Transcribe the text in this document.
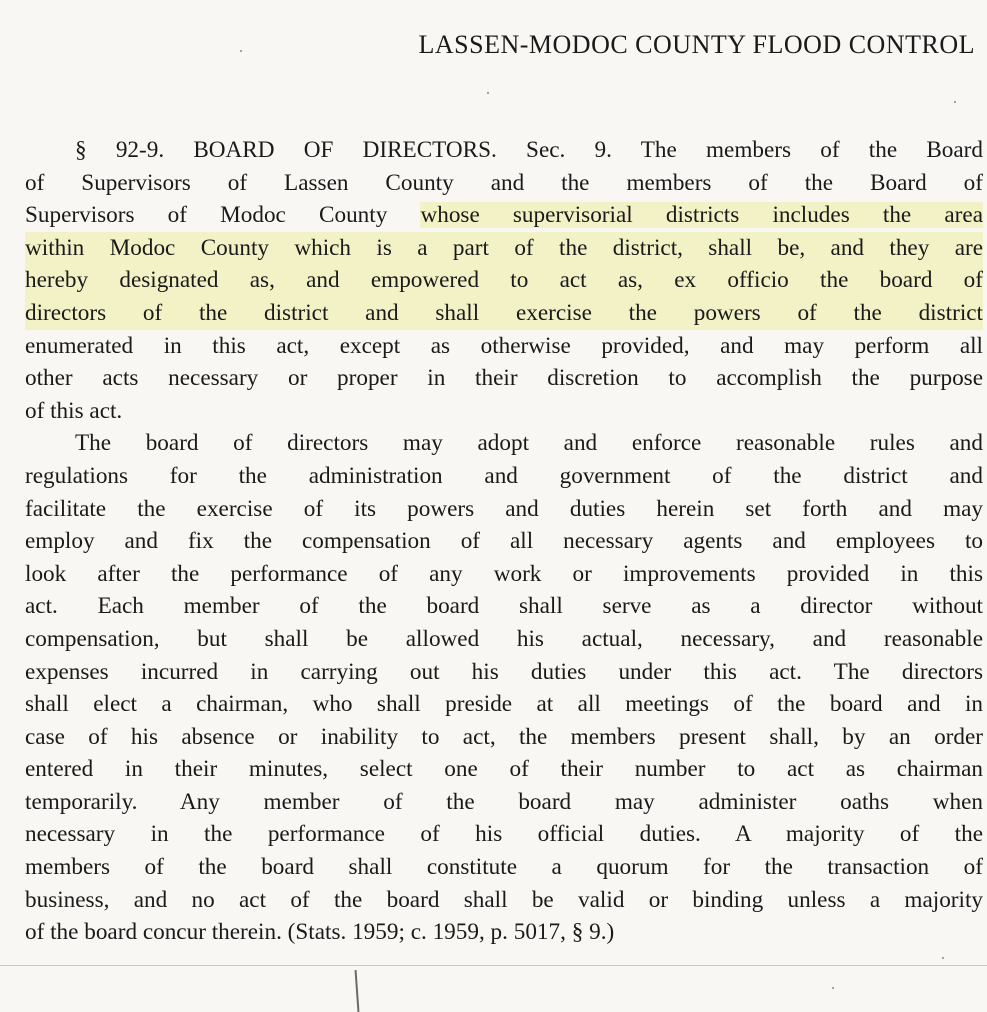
LASSEN-MODOC COUNTY FLOOD CONTROL
§ 92-9. BOARD OF DIRECTORS. Sec. 9. The members of the Board
of Supervisors of Lassen County and the members of the Board of
Supervisors of Modoc County whose supervisorial districts includes the area
within Modoc County which is a part of the district, shall be, and they are
hereby designated as, and empowered to act as, ex officio the board of
directors of the district and shall exercise the powers of the district
enumerated in this act, except as otherwise provided, and may perform all
other acts necessary or proper in their discretion to accomplish the purpose
of this act.
The board of directors may adopt and enforce reasonable rules and
regulations for the administration and government of the district and
facilitate the exercise of its powers and duties herein set forth and may
employ and fix the compensation of all necessary agents and employees to
look after the performance of any work or improvements provided in this
act. Each member of the board shall serve as a director without
compensation, but shall be allowed his actual, necessary, and reasonable
expenses incurred in carrying out his duties under this act. The directors
shall elect a chairman, who shall preside at all meetings of the board and in
case of his absence or inability to act, the members present shall, by an order
entered in their minutes, select one of their number to act as chairman
temporarily. Any member of the board may administer oaths when
necessary in the performance of his official duties. A majority of the
members of the board shall constitute a quorum for the transaction of
business, and no act of the board shall be valid or binding unless a majority
of the board concur therein. (Stats. 1959; c. 1959, p. 5017, § 9.)
